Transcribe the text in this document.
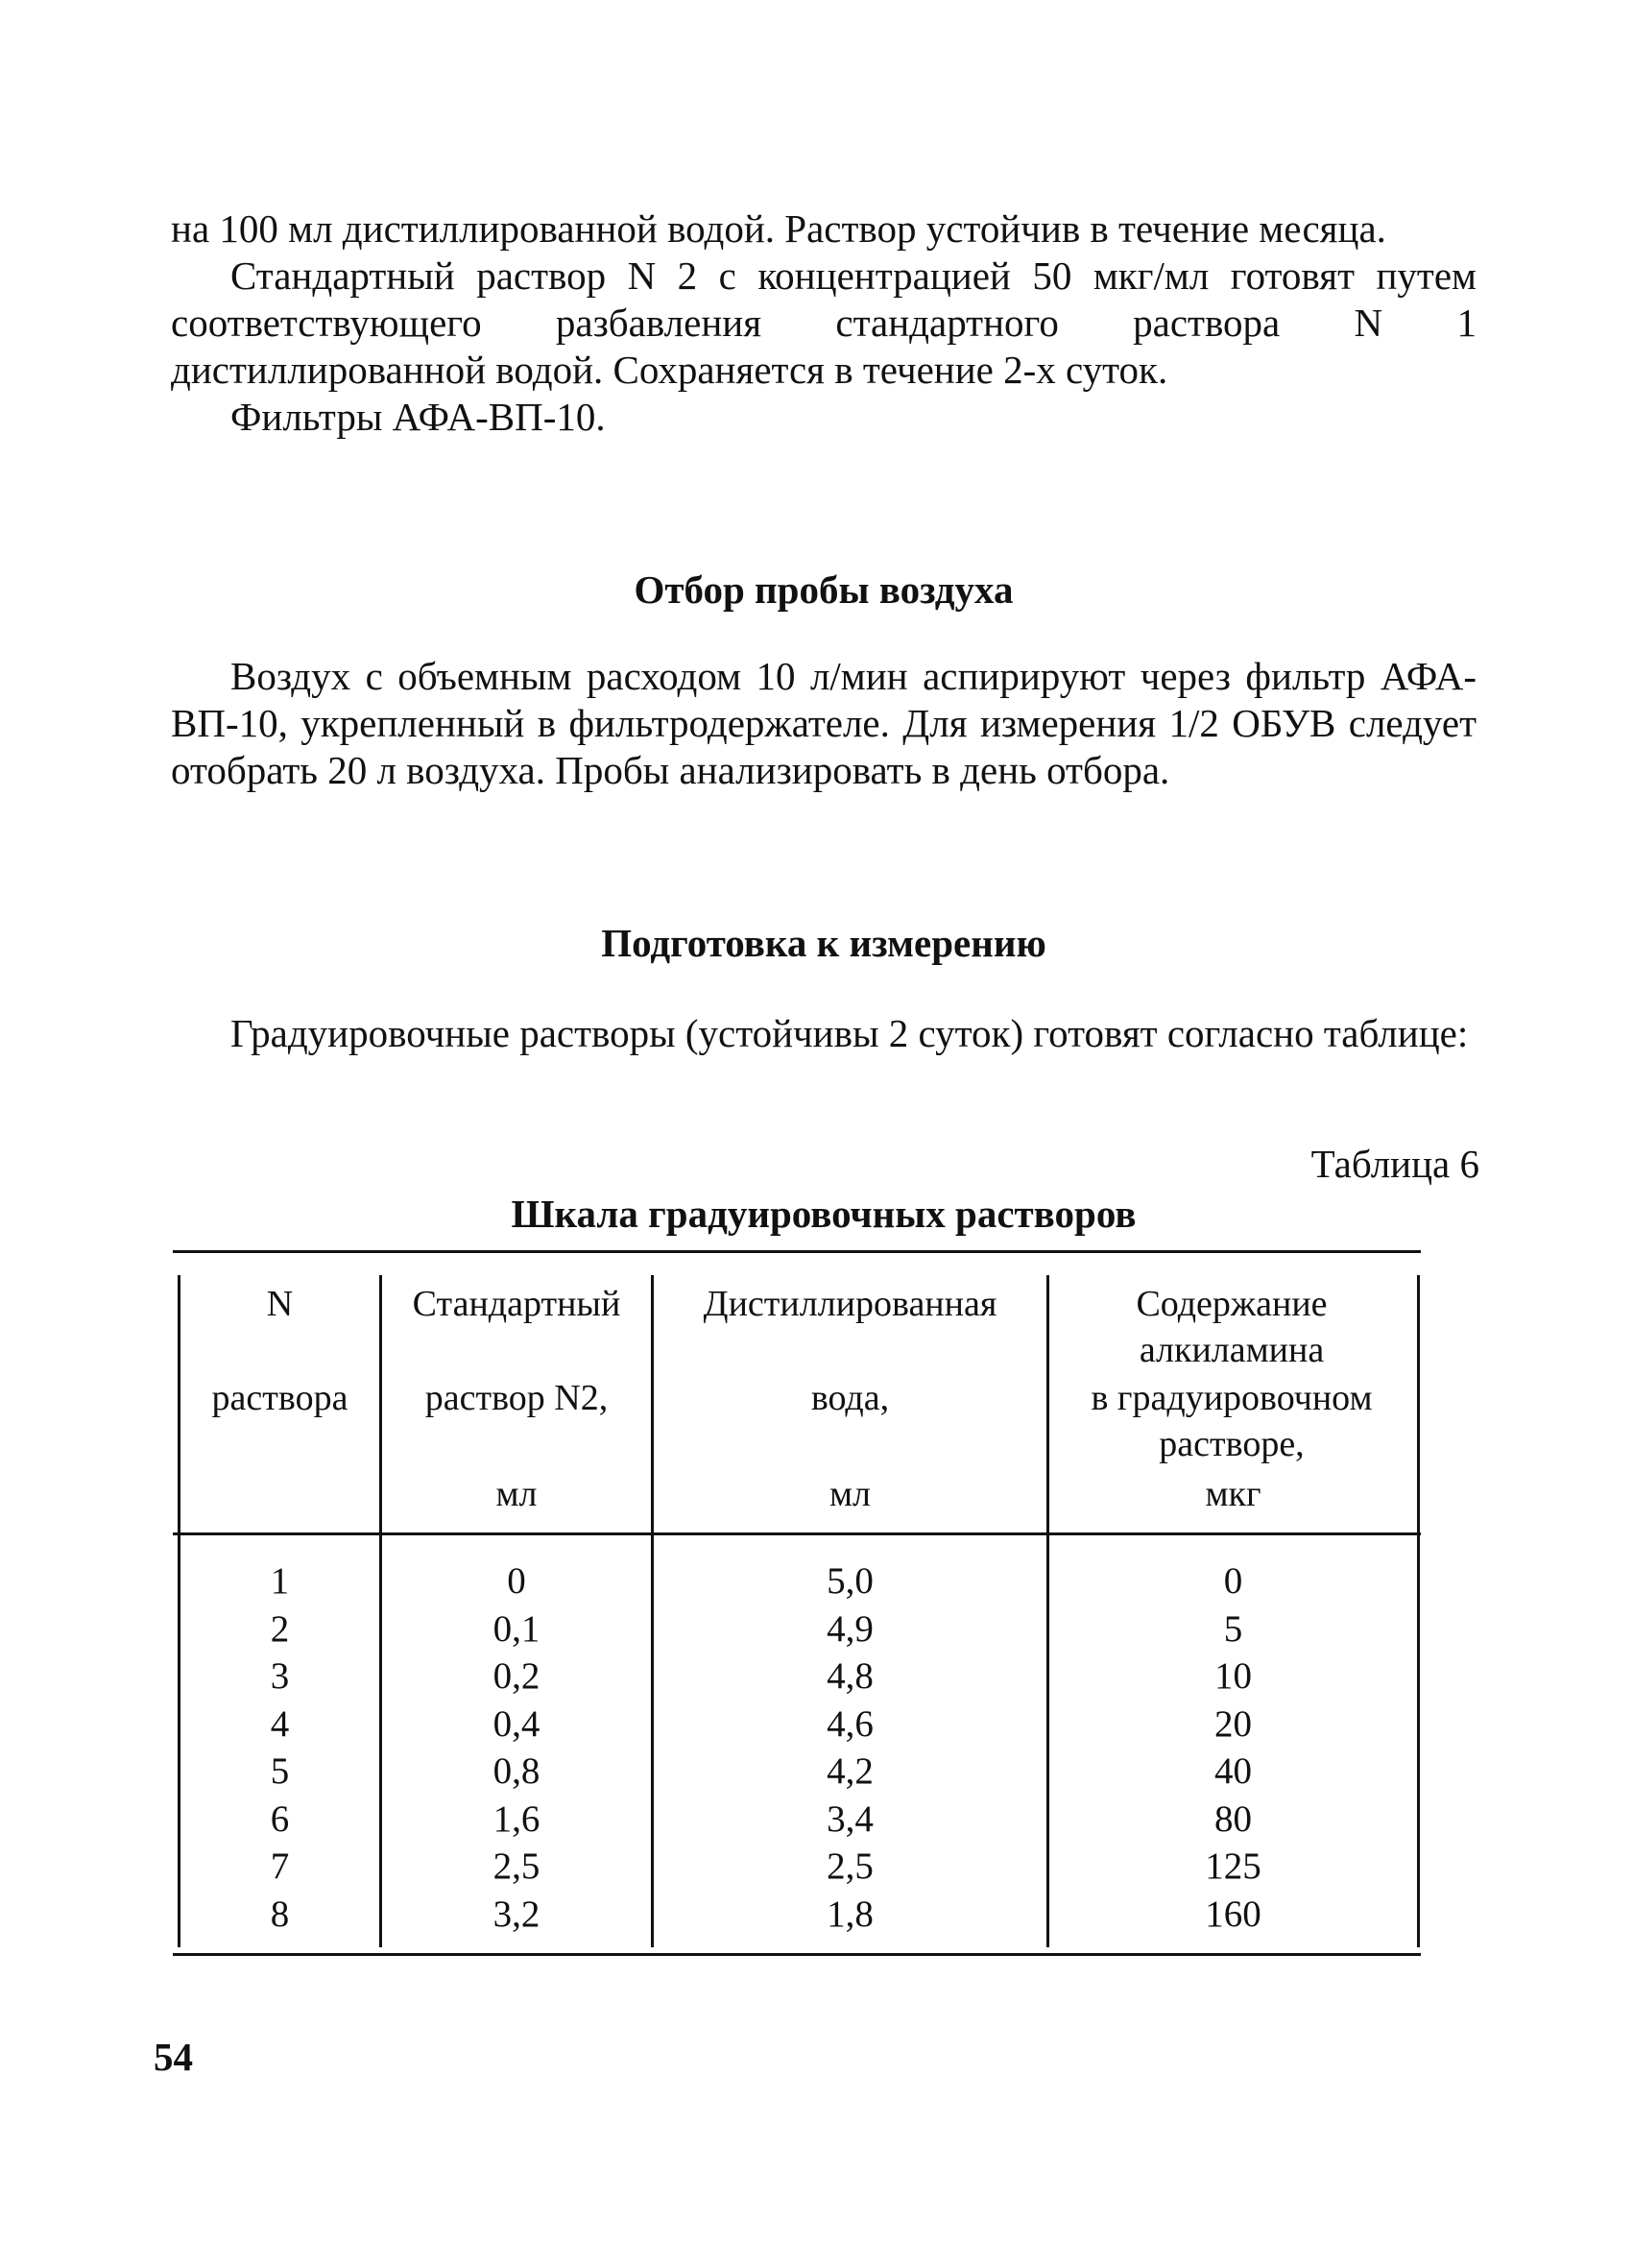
на 100 мл дистиллированной водой. Раствор устойчив в течение месяца.

Стандартный раствор N 2 с концентрацией 50 мкг/мл готовят путем соответствующего разбавления стандартного раствора N 1 дистиллированной водой. Сохраняется в течение 2-х суток.

Фильтры АФА-ВП-10.

Отбор пробы воздуха

Воздух с объемным расходом 10 л/мин аспирируют через фильтр АФА-ВП-10, укрепленный в фильтродержателе. Для измерения 1/2 ОБУВ следует отобрать 20 л воздуха. Пробы анализировать в день отбора.

Подготовка к измерению

Градуировочные растворы (устойчивы 2 суток) готовят согласно таблице:

Таблица 6
Шкала градуировочных растворов
N
раствора
Стандартный
раствор N2,
мл
Дистиллированная
вода,
мл
Содержание алкиламина
в градуировочном растворе,
мкг
1
2
3
4
5
6
7
8
0
0,1
0,2
0,4
0,8
1,6
2,5
3,2
5,0
4,9
4,8
4,6
4,2
3,4
2,5
1,8
0
5
10
20
40
80
125
160
54
